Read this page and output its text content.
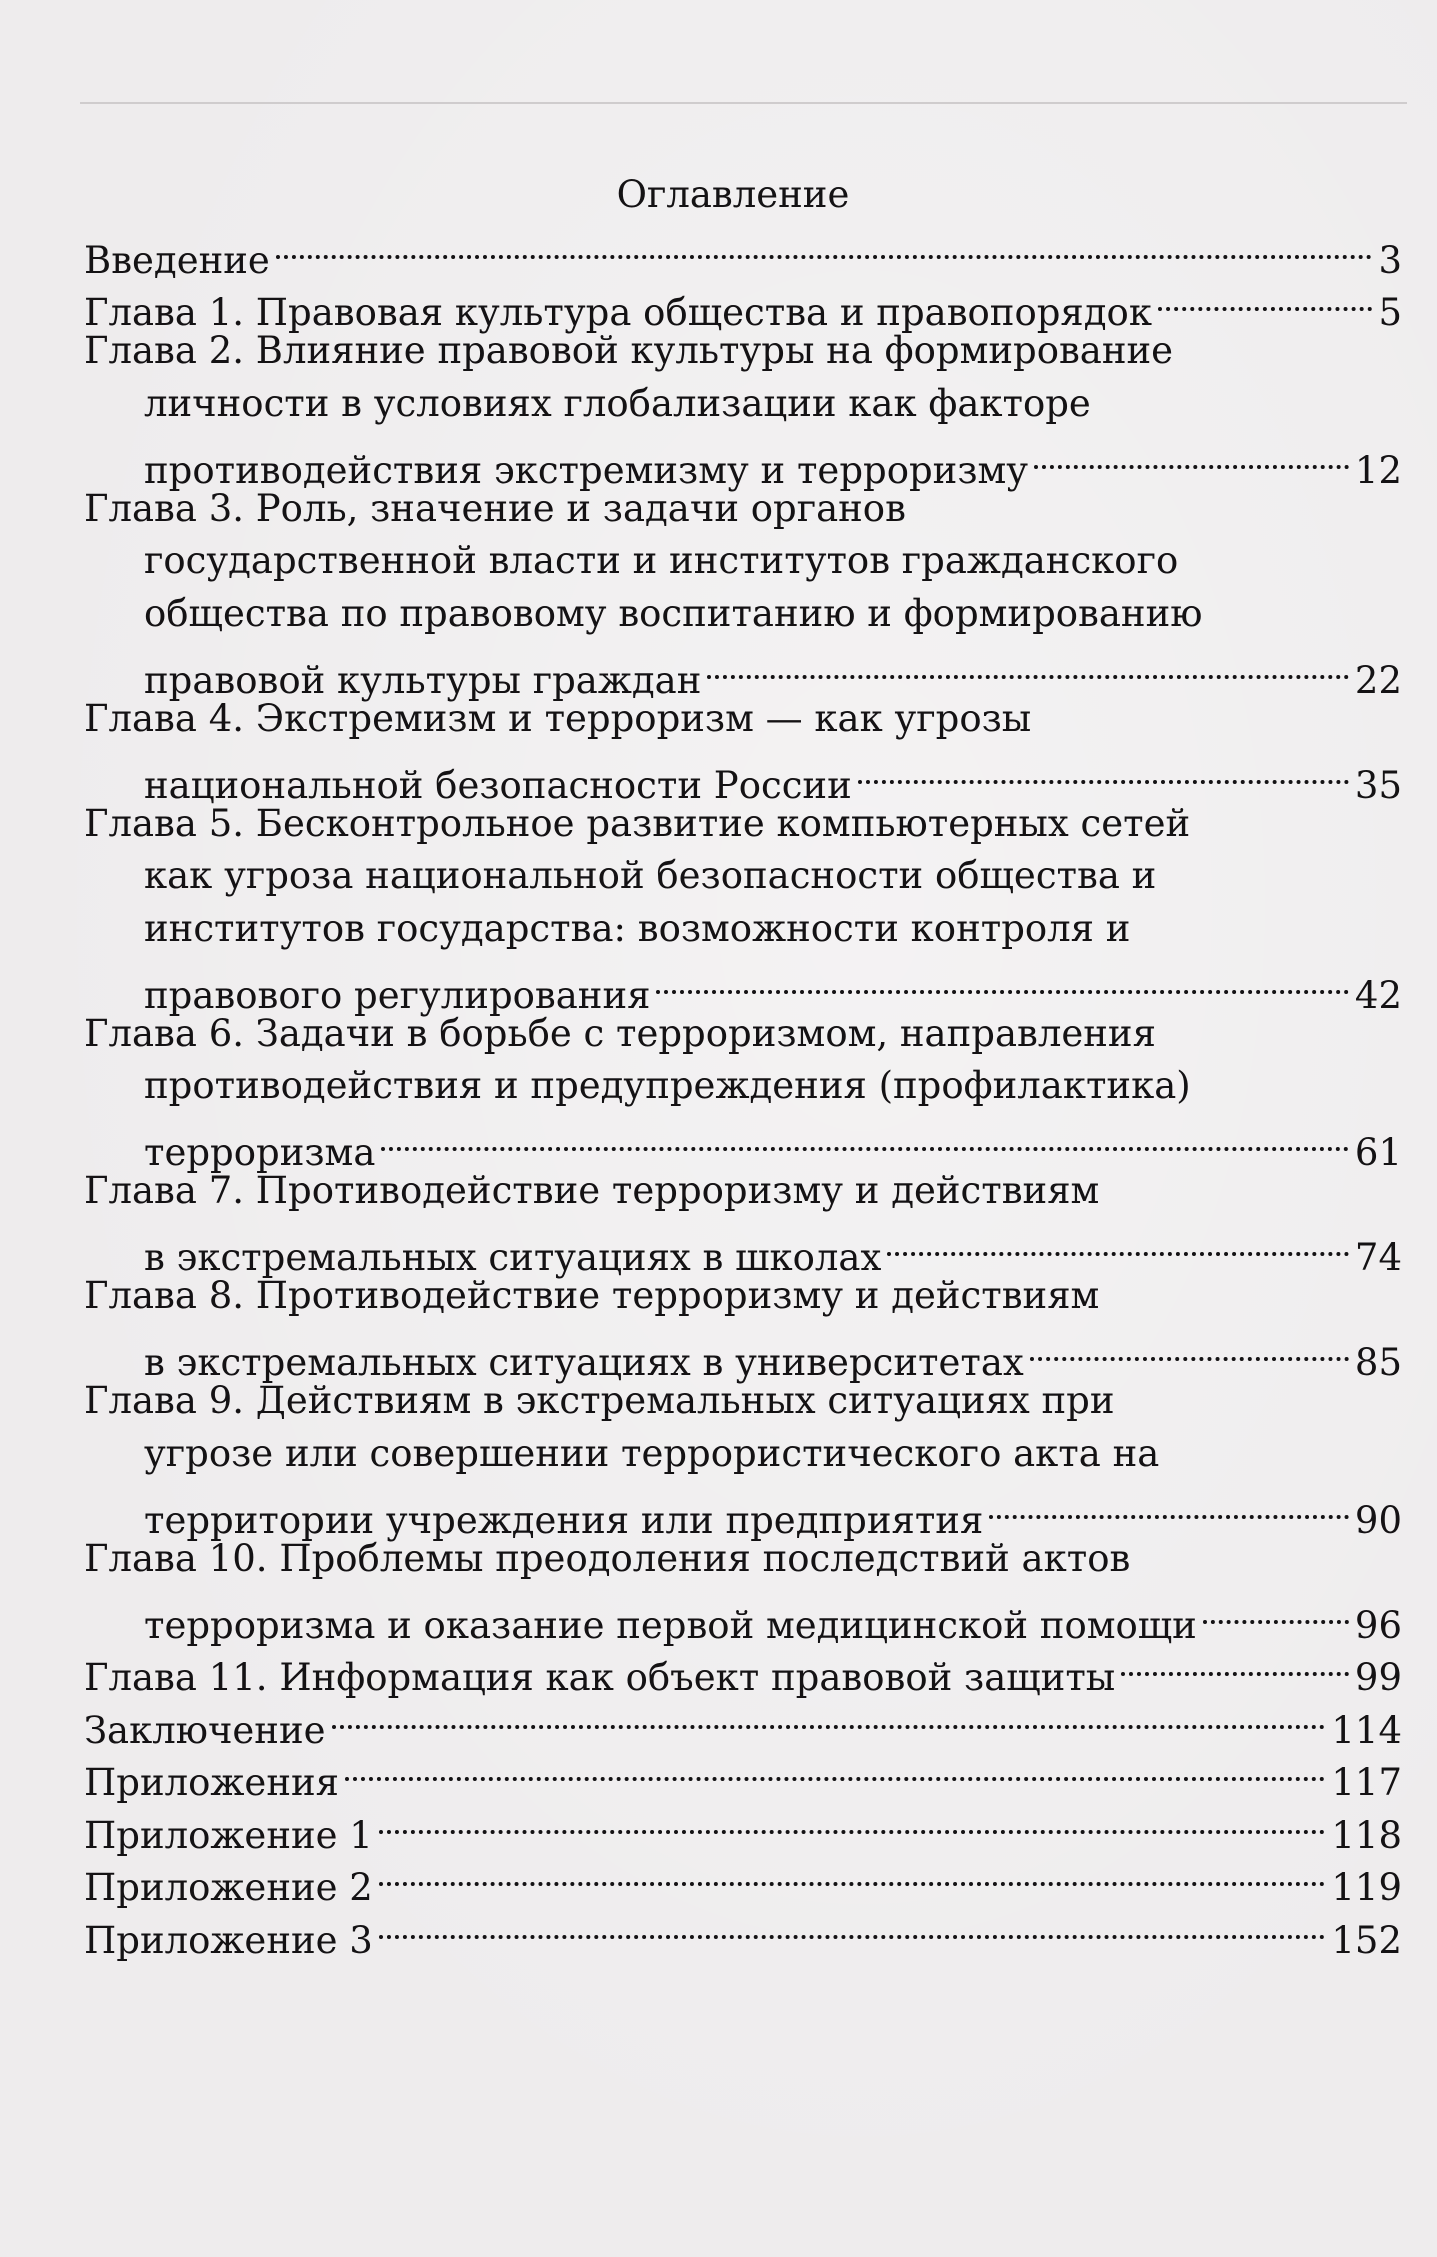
Оглавление
Введение	3
Глава 1. Правовая культура общества и правопорядок	5
Глава 2. Влияние правовой культуры на формирование
личности в условиях глобализации как факторе
противодействия экстремизму и терроризму	12
Глава 3. Роль, значение и задачи органов
государственной власти и институтов гражданского
общества по правовому воспитанию и формированию
правовой культуры граждан	22
Глава 4. Экстремизм и терроризм — как угрозы
национальной безопасности России	35
Глава 5. Бесконтрольное развитие компьютерных сетей
как угроза национальной безопасности общества и
институтов государства: возможности контроля и
правового регулирования	42
Глава 6. Задачи в борьбе с терроризмом, направления
противодействия и предупреждения (профилактика)
терроризма	61
Глава 7. Противодействие терроризму и действиям
в экстремальных ситуациях в школах	74
Глава 8. Противодействие терроризму и действиям
в экстремальных ситуациях в университетах	85
Глава 9. Действиям в экстремальных ситуациях при
угрозе или совершении террористического акта на
территории учреждения или предприятия	90
Глава 10. Проблемы преодоления последствий актов
терроризма и оказание первой медицинской помощи	96
Глава 11. Информация как объект правовой защиты	99
Заключение	114
Приложения	117
Приложение 1	118
Приложение 2	119
Приложение 3	152
